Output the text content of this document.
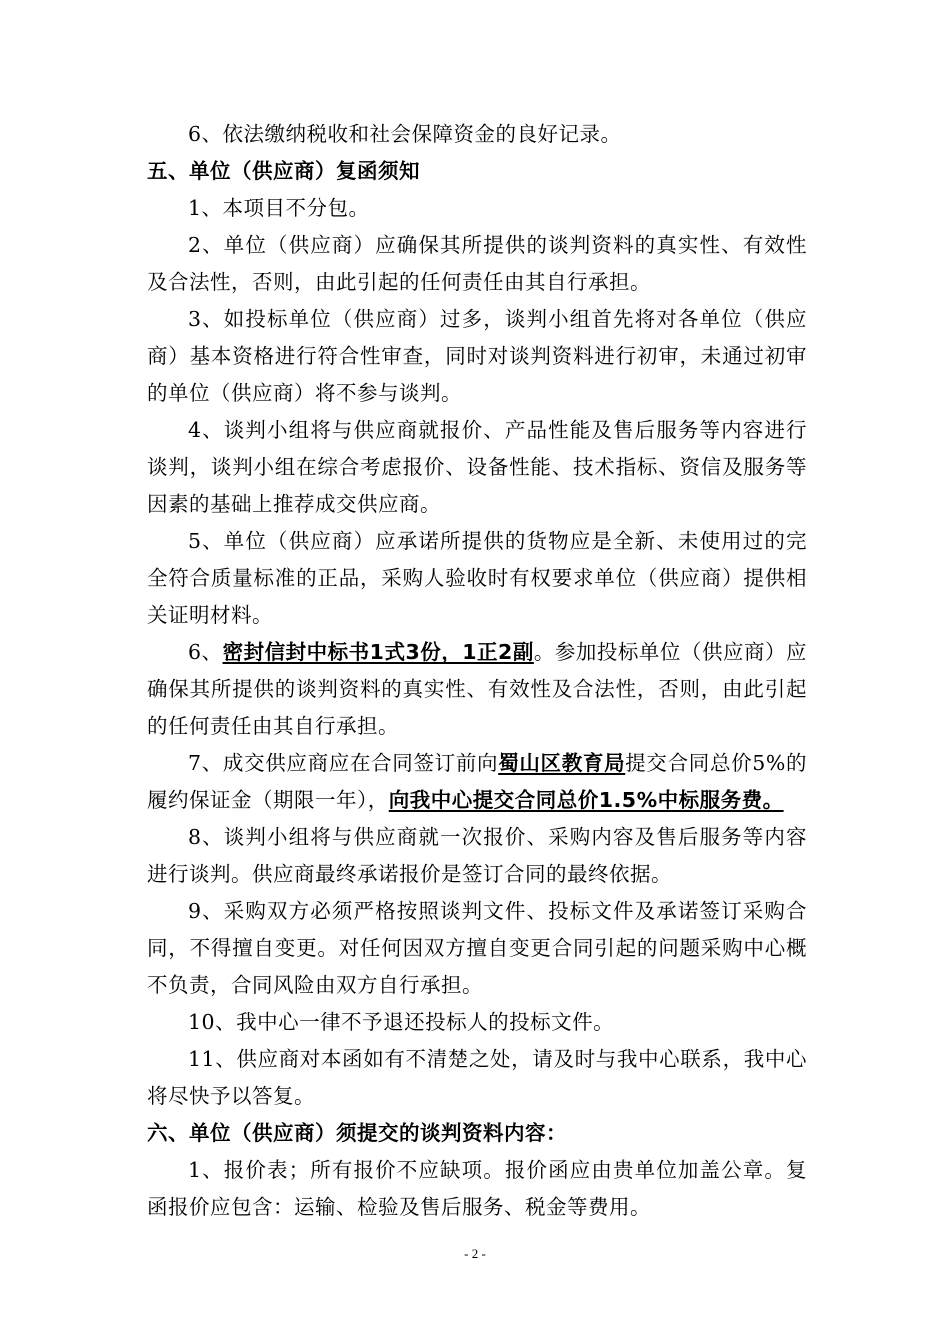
6、依法缴纳税收和社会保障资金的良好记录。

五、单位（供应商）复函须知

1、本项目不分包。

2、单位（供应商）应确保其所提供的谈判资料的真实性、有效性及合法性，否则，由此引起的任何责任由其自行承担。

3、如投标单位（供应商）过多，谈判小组首先将对各单位（供应商）基本资格进行符合性审查，同时对谈判资料进行初审，未通过初审的单位（供应商）将不参与谈判。

4、谈判小组将与供应商就报价、产品性能及售后服务等内容进行谈判，谈判小组在综合考虑报价、设备性能、技术指标、资信及服务等因素的基础上推荐成交供应商。

5、单位（供应商）应承诺所提供的货物应是全新、未使用过的完全符合质量标准的正品，采购人验收时有权要求单位（供应商）提供相关证明材料。

6、密封信封中标书1式3份，1正2副。参加投标单位（供应商）应确保其所提供的谈判资料的真实性、有效性及合法性，否则，由此引起的任何责任由其自行承担。

7、成交供应商应在合同签订前向蜀山区教育局提交合同总价5%的履约保证金（期限一年），向我中心提交合同总价1.5%中标服务费。

8、谈判小组将与供应商就一次报价、采购内容及售后服务等内容进行谈判。供应商最终承诺报价是签订合同的最终依据。

9、采购双方必须严格按照谈判文件、投标文件及承诺签订采购合同，不得擅自变更。对任何因双方擅自变更合同引起的问题采购中心概不负责，合同风险由双方自行承担。

10、我中心一律不予退还投标人的投标文件。

11、供应商对本函如有不清楚之处，请及时与我中心联系，我中心将尽快予以答复。

六、单位（供应商）须提交的谈判资料内容：

1、报价表；所有报价不应缺项。报价函应由贵单位加盖公章。复函报价应包含：运输、检验及售后服务、税金等费用。

- 2 -
